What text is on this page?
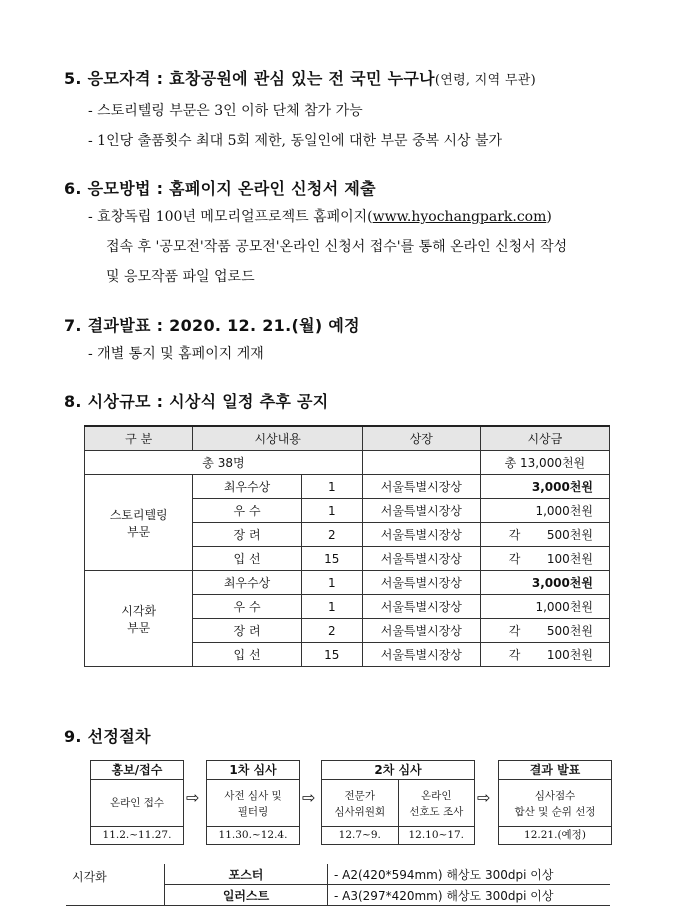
5. 응모자격 : 효창공원에 관심 있는 전 국민 누구나(연령, 지역 무관)
- 스토리텔링 부문은 3인 이하 단체 참가 가능
- 1인당 출품횟수 최대 5회 제한, 동일인에 대한 부문 중복 시상 불가
6. 응모방법 : 홈페이지 온라인 신청서 제출
- 효창독립 100년 메모리얼프로젝트 홈페이지(www.hyochangpark.com)
접속 후 '공모전'작품 공모전'온라인 신청서 접수'를 통해 온라인 신청서 작성
및 응모작품 파일 업로드
7. 결과발표 : 2020. 12. 21.(월) 예정
- 개별 통지 및 홈페이지 게재
8. 시상규모 : 시상식 일정 추후 공지
구 분	시상내용		상장	시상금
총 38명				총 13,000천원
스토리텔링
부문	최우수상	1	서울특별시장상	3,000천원
	우 수	1	서울특별시장상	1,000천원
	장 려	2	서울특별시장상	각 500천원
	입 선	15	서울특별시장상	각 100천원
시각화
부문	최우수상	1	서울특별시장상	3,000천원
	우 수	1	서울특별시장상	1,000천원
	장 려	2	서울특별시장상	각 500천원
	입 선	15	서울특별시장상	각 100천원
9. 선정절차
홍보/접수
온라인 접수
11.2.~11.27.
⇨
1차 심사
사전 심사 및
필터링
11.30.~12.4.
⇨
2차 심사
전문가
심사위원회
12.7~9.
온라인
선호도 조사
12.10~17.
⇨
결과 발표
심사점수
합산 및 순위 선정
12.21.(예정)
시각화	포스터	- A2(420*594mm) 해상도 300dpi 이상
	일러스트	- A3(297*420mm) 해상도 300dpi 이상
